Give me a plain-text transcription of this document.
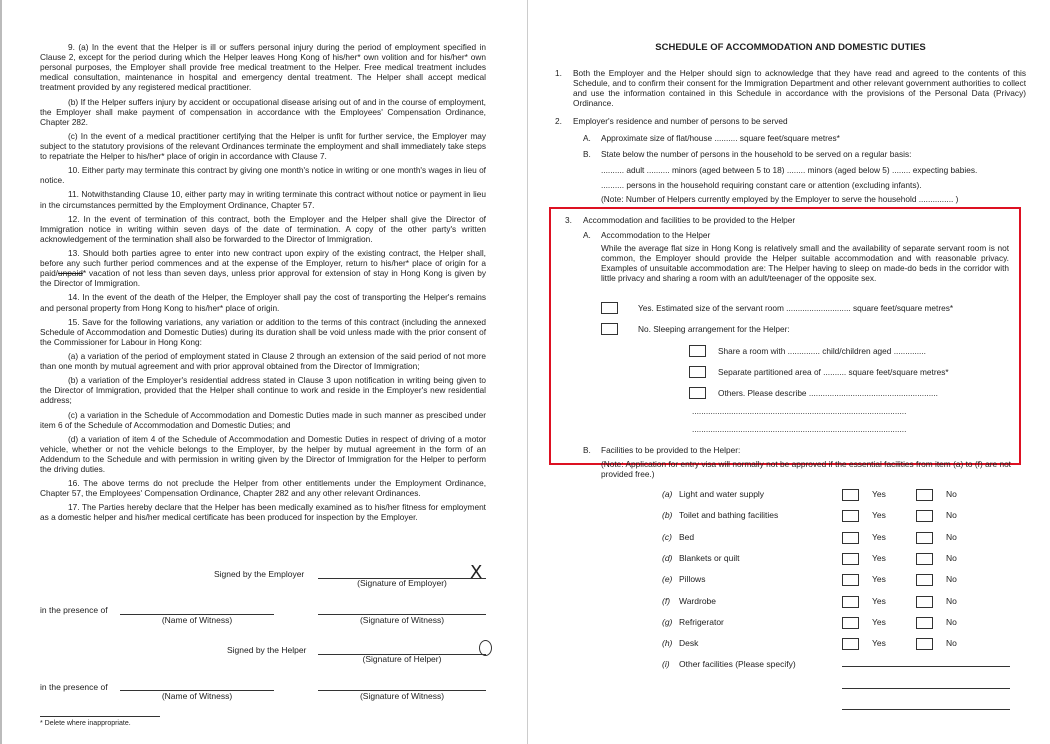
9. (a) In the event that the Helper is ill or suffers personal injury during the period of employment specified in Clause 2, except for the period during which the Helper leaves Hong Kong of his/her* own volition and for his/her* own personal purposes, the Employer shall provide free medical treatment to the Helper. Free medical treatment includes medical consultation, maintenance in hospital and emergency dental treatment. The Helper shall accept medical treatment provided by any registered medical practitioner.

(b) If the Helper suffers injury by accident or occupational disease arising out of and in the course of employment, the Employer shall make payment of compensation in accordance with the Employees' Compensation Ordinance, Chapter 282.

(c) In the event of a medical practitioner certifying that the Helper is unfit for further service, the Employer may subject to the statutory provisions of the relevant Ordinances terminate the employment and shall immediately take steps to repatriate the Helper to his/her* place of origin in accordance with Clause 7.

10. Either party may terminate this contract by giving one month's notice in writing or one month's wages in lieu of notice.

11. Notwithstanding Clause 10, either party may in writing terminate this contract without notice or payment in lieu in the circumstances permitted by the Employment Ordinance, Chapter 57.

12. In the event of termination of this contract, both the Employer and the Helper shall give the Director of Immigration notice in writing within seven days of the date of termination. A copy of the other party's written acknowledgement of the termination shall also be forwarded to the Director of Immigration.

13. Should both parties agree to enter into new contract upon expiry of the existing contract, the Helper shall, before any such further period commences and at the expense of the Employer, return to his/her* place of origin for a paid/unpaid* vacation of not less than seven days, unless prior approval for extension of stay in Hong Kong is given by the Director of Immigration.

14. In the event of the death of the Helper, the Employer shall pay the cost of transporting the Helper's remains and personal property from Hong Kong to his/her* place of origin.

15. Save for the following variations, any variation or addition to the terms of this contract (including the annexed Schedule of Accommodation and Domestic Duties) during its duration shall be void unless made with the prior consent of the Commissioner for Labour in Hong Kong:

(a) a variation of the period of employment stated in Clause 2 through an extension of the said period of not more than one month by mutual agreement and with prior approval obtained from the Director of Immigration;

(b) a variation of the Employer's residential address stated in Clause 3 upon notification in writing being given to the Director of Immigration, provided that the Helper shall continue to work and reside in the Employer's new residential address;

(c) a variation in the Schedule of Accommodation and Domestic Duties made in such manner as prescibed under item 6 of the Schedule of Accommodation and Domestic Duties; and

(d) a variation of item 4 of the Schedule of Accommodation and Domestic Duties in respect of driving of a motor vehicle, whether or not the vehicle belongs to the Employer, by the helper by mutual agreement in the form of an Addendum to the Schedule and with permission in writing given by the Director of Immigration for the Helper to perform the driving duties.

16. The above terms do not preclude the Helper from other entitlements under the Employment Ordinance, Chapter 57, the Employees' Compensation Ordinance, Chapter 282 and any other relevant Ordinances.

17. The Parties hereby declare that the Helper has been medically examined as to his/her fitness for employment as a domestic helper and his/her medical certificate has been produced for inspection by the Employer.

Signed by the Employer
(Signature of Employer)	X
in the presence of
(Name of Witness)	(Signature of Witness)
Signed by the Helper
(Signature of Helper)
in the presence of
(Name of Witness)	(Signature of Witness)
* Delete where inappropriate.
SCHEDULE OF ACCOMMODATION AND DOMESTIC DUTIES
1. Both the Employer and the Helper should sign to acknowledge that they have read and agreed to the contents of this Schedule, and to confirm their consent for the Immigration Department and other relevant government authorities to collect and use the information contained in this Schedule in accordance with the provisions of the Personal Data (Privacy) Ordinance.
2. Employer's residence and number of persons to be served
A. Approximate size of flat/house .......... square feet/square metres*
B. State below the number of persons in the household to be served on a regular basis:
.......... adult .......... minors (aged between 5 to 18) ........ minors (aged below 5) ........ expecting babies.
.......... persons in the household requiring constant care or attention (excluding infants).
(Note: Number of Helpers currently employed by the Employer to serve the household ............... )
3. Accommodation and facilities to be provided to the Helper
A. Accommodation to the Helper
While the average flat size in Hong Kong is relatively small and the availability of separate servant room is not common, the Employer should provide the Helper suitable accommodation and with reasonable privacy. Examples of unsuitable accommodation are: The Helper having to sleep on made-do beds in the corridor with little privacy and sharing a room with an adult/teenager of the opposite sex.
Yes. Estimated size of the servant room ............................ square feet/square metres*
No. Sleeping arrangement for the Helper:
Share a room with .............. child/children aged ..............
Separate partitioned area of .......... square feet/square metres*
Others. Please describe ........................................................
.............................................................................................
.............................................................................................
B. Facilities to be provided to the Helper:
(Note: Application for entry visa will normally not be approved if the essential facilities from item (a) to (f) are not provided free.)
(a) Light and water supply	Yes	No
(b) Toilet and bathing facilities	Yes	No
(c) Bed	Yes	No
(d) Blankets or quilt	Yes	No
(e) Pillows	Yes	No
(f) Wardrobe	Yes	No
(g) Refrigerator	Yes	No
(h) Desk	Yes	No
(i) Other facilities (Please specify)
